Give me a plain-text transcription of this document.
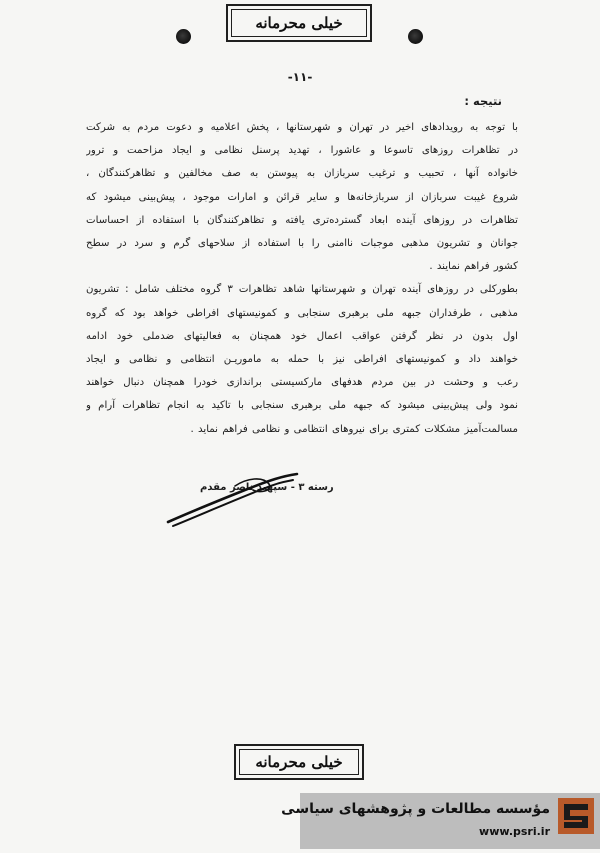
خیلی محرمانه
-۱۱-
نتیجه :
با توجه به رویدادهای اخیر در تهران و شهرستانها ، پخش اعلامیه و دعوت مردم به شرکت
در تظاهرات روزهای تاسوعا و عاشورا ، تهدید پرسنل نظامی و ایجاد مزاحمت و ترور
خانواده آنها ، تحبیب و ترغیب سربازان به پیوستن به صف مخالفین و تظاهرکنندگان ،
شروع غیبت سربازان از سربازخانه‌ها و سایر قرائن و امارات موجود ، پیش‌بینی میشود که
تظاهرات در روزهای آینده ابعاد گسترده‌تری یافته و تظاهرکنندگان با استفاده از احساسات
جوانان و تشریون مذهبی موجبات ناامنی را با استفاده از سلاحهای گرم و سرد در سطح
کشور فراهم نمایند .
بطورکلی در روزهای آینده تهران و شهرستانها شاهد تظاهرات ۳ گروه مختلف شامل : تشریون
مذهبی ، طرفداران جبهه ملی برهبری سنجابی و کمونیستهای افراطی خواهد بود که گروه
اول بدون در نظر گرفتن عواقب اعمال خود همچنان به فعالیتهای ضدملی خود ادامه
خواهند داد و کمونیستهای افراطی نیز با حمله به ماموریـن انتظامی و نظامی و ایجاد
رعب و وحشت در بین مردم هدفهای مارکسیستی براندازی خودرا همچنان دنبال خواهند
نمود ولی پیش‌بینی میشود که جبهه ملی برهبری سنجابی با تاکید به انجام تظاهرات آرام و
مسالمت‌آمیز مشکلات کمتری برای نیروهای انتظامی و نظامی فراهم نماید .
رسته ۳ - سپهبد ناصر مقدم
خیلی محرمانه
مؤسسه مطالعات و پژوهشهای سیاسی
www.psri.ir
